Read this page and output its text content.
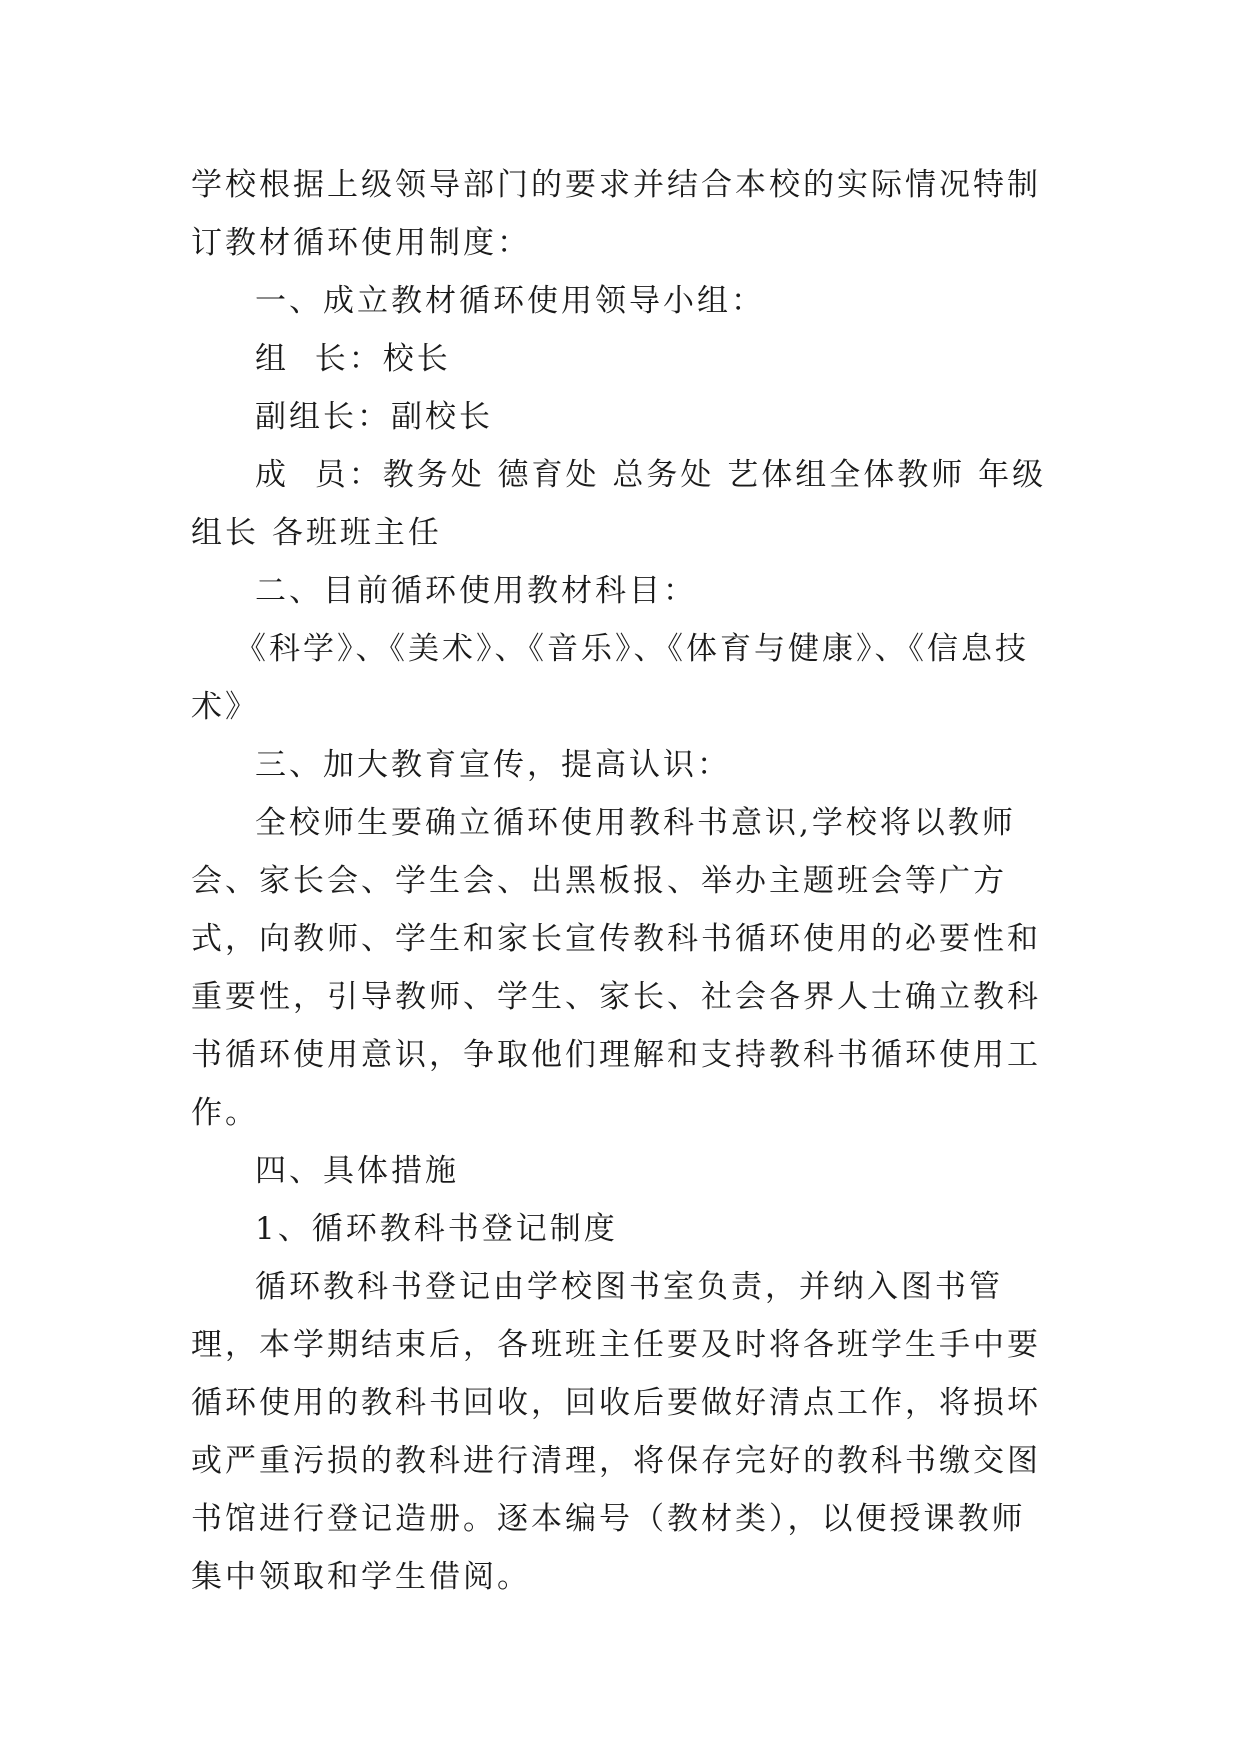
学校根据上级领导部门的要求并结合本校的实际情况特制订教材循环使用制度：

一、成立教材循环使用领导小组：

组  长：校长

副组长：副校长

成  员：教务处 德育处 总务处 艺体组全体教师 年级组长 各班班主任

二、目前循环使用教材科目：

《科学》、《美术》、《音乐》、《体育与健康》、《信息技术》

三、加大教育宣传，提高认识：

全校师生要确立循环使用教科书意识,学校将以教师会、家长会、学生会、出黑板报、举办主题班会等广方式，向教师、学生和家长宣传教科书循环使用的必要性和重要性，引导教师、学生、家长、社会各界人士确立教科书循环使用意识，争取他们理解和支持教科书循环使用工作。

四、具体措施

1、循环教科书登记制度

循环教科书登记由学校图书室负责，并纳入图书管理，本学期结束后，各班班主任要及时将各班学生手中要循环使用的教科书回收，回收后要做好清点工作，将损坏或严重污损的教科进行清理，将保存完好的教科书缴交图书馆进行登记造册。逐本编号（教材类），以便授课教师集中领取和学生借阅。
